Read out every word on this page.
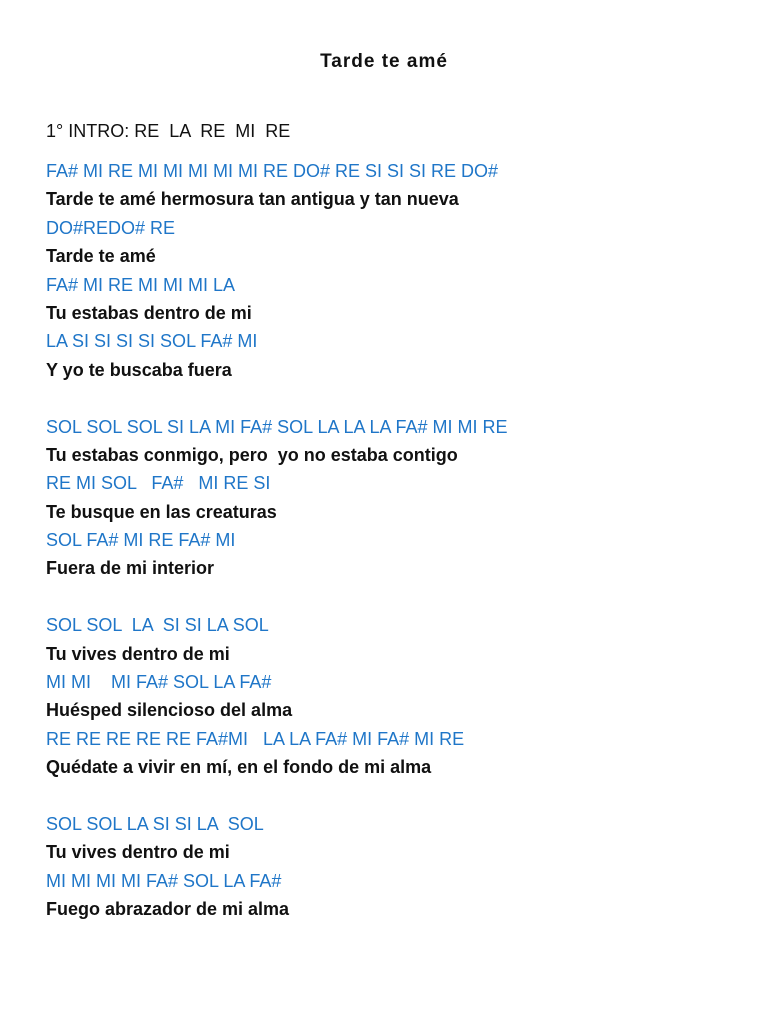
Tarde te amé
1° INTRO: RE  LA  RE  MI  RE
FA# MI RE MI MI MI MI MI RE DO# RE SI SI SI RE DO#
Tarde te amé hermosura tan antigua y tan nueva
DO#REDO# RE
Tarde te amé
FA# MI RE MI MI MI LA
Tu estabas dentro de mi
LA SI SI SI SI SOL FA# MI
Y yo te buscaba fuera
SOL SOL SOL SI LA MI FA# SOL LA LA LA FA# MI MI RE
Tu estabas conmigo, pero  yo no estaba contigo
RE MI SOL   FA#   MI RE SI
Te busque en las creaturas
SOL FA# MI RE FA# MI
Fuera de mi interior
SOL SOL  LA  SI SI LA SOL
Tu vives dentro de mi
MI MI    MI FA# SOL LA FA#
Huésped silencioso del alma
RE RE RE RE RE FA#MI   LA LA FA# MI FA# MI RE
Quédate a vivir en mí, en el fondo de mi alma
SOL SOL LA SI SI LA  SOL
Tu vives dentro de mi
MI MI MI MI FA# SOL LA FA#
Fuego abrazador de mi alma
